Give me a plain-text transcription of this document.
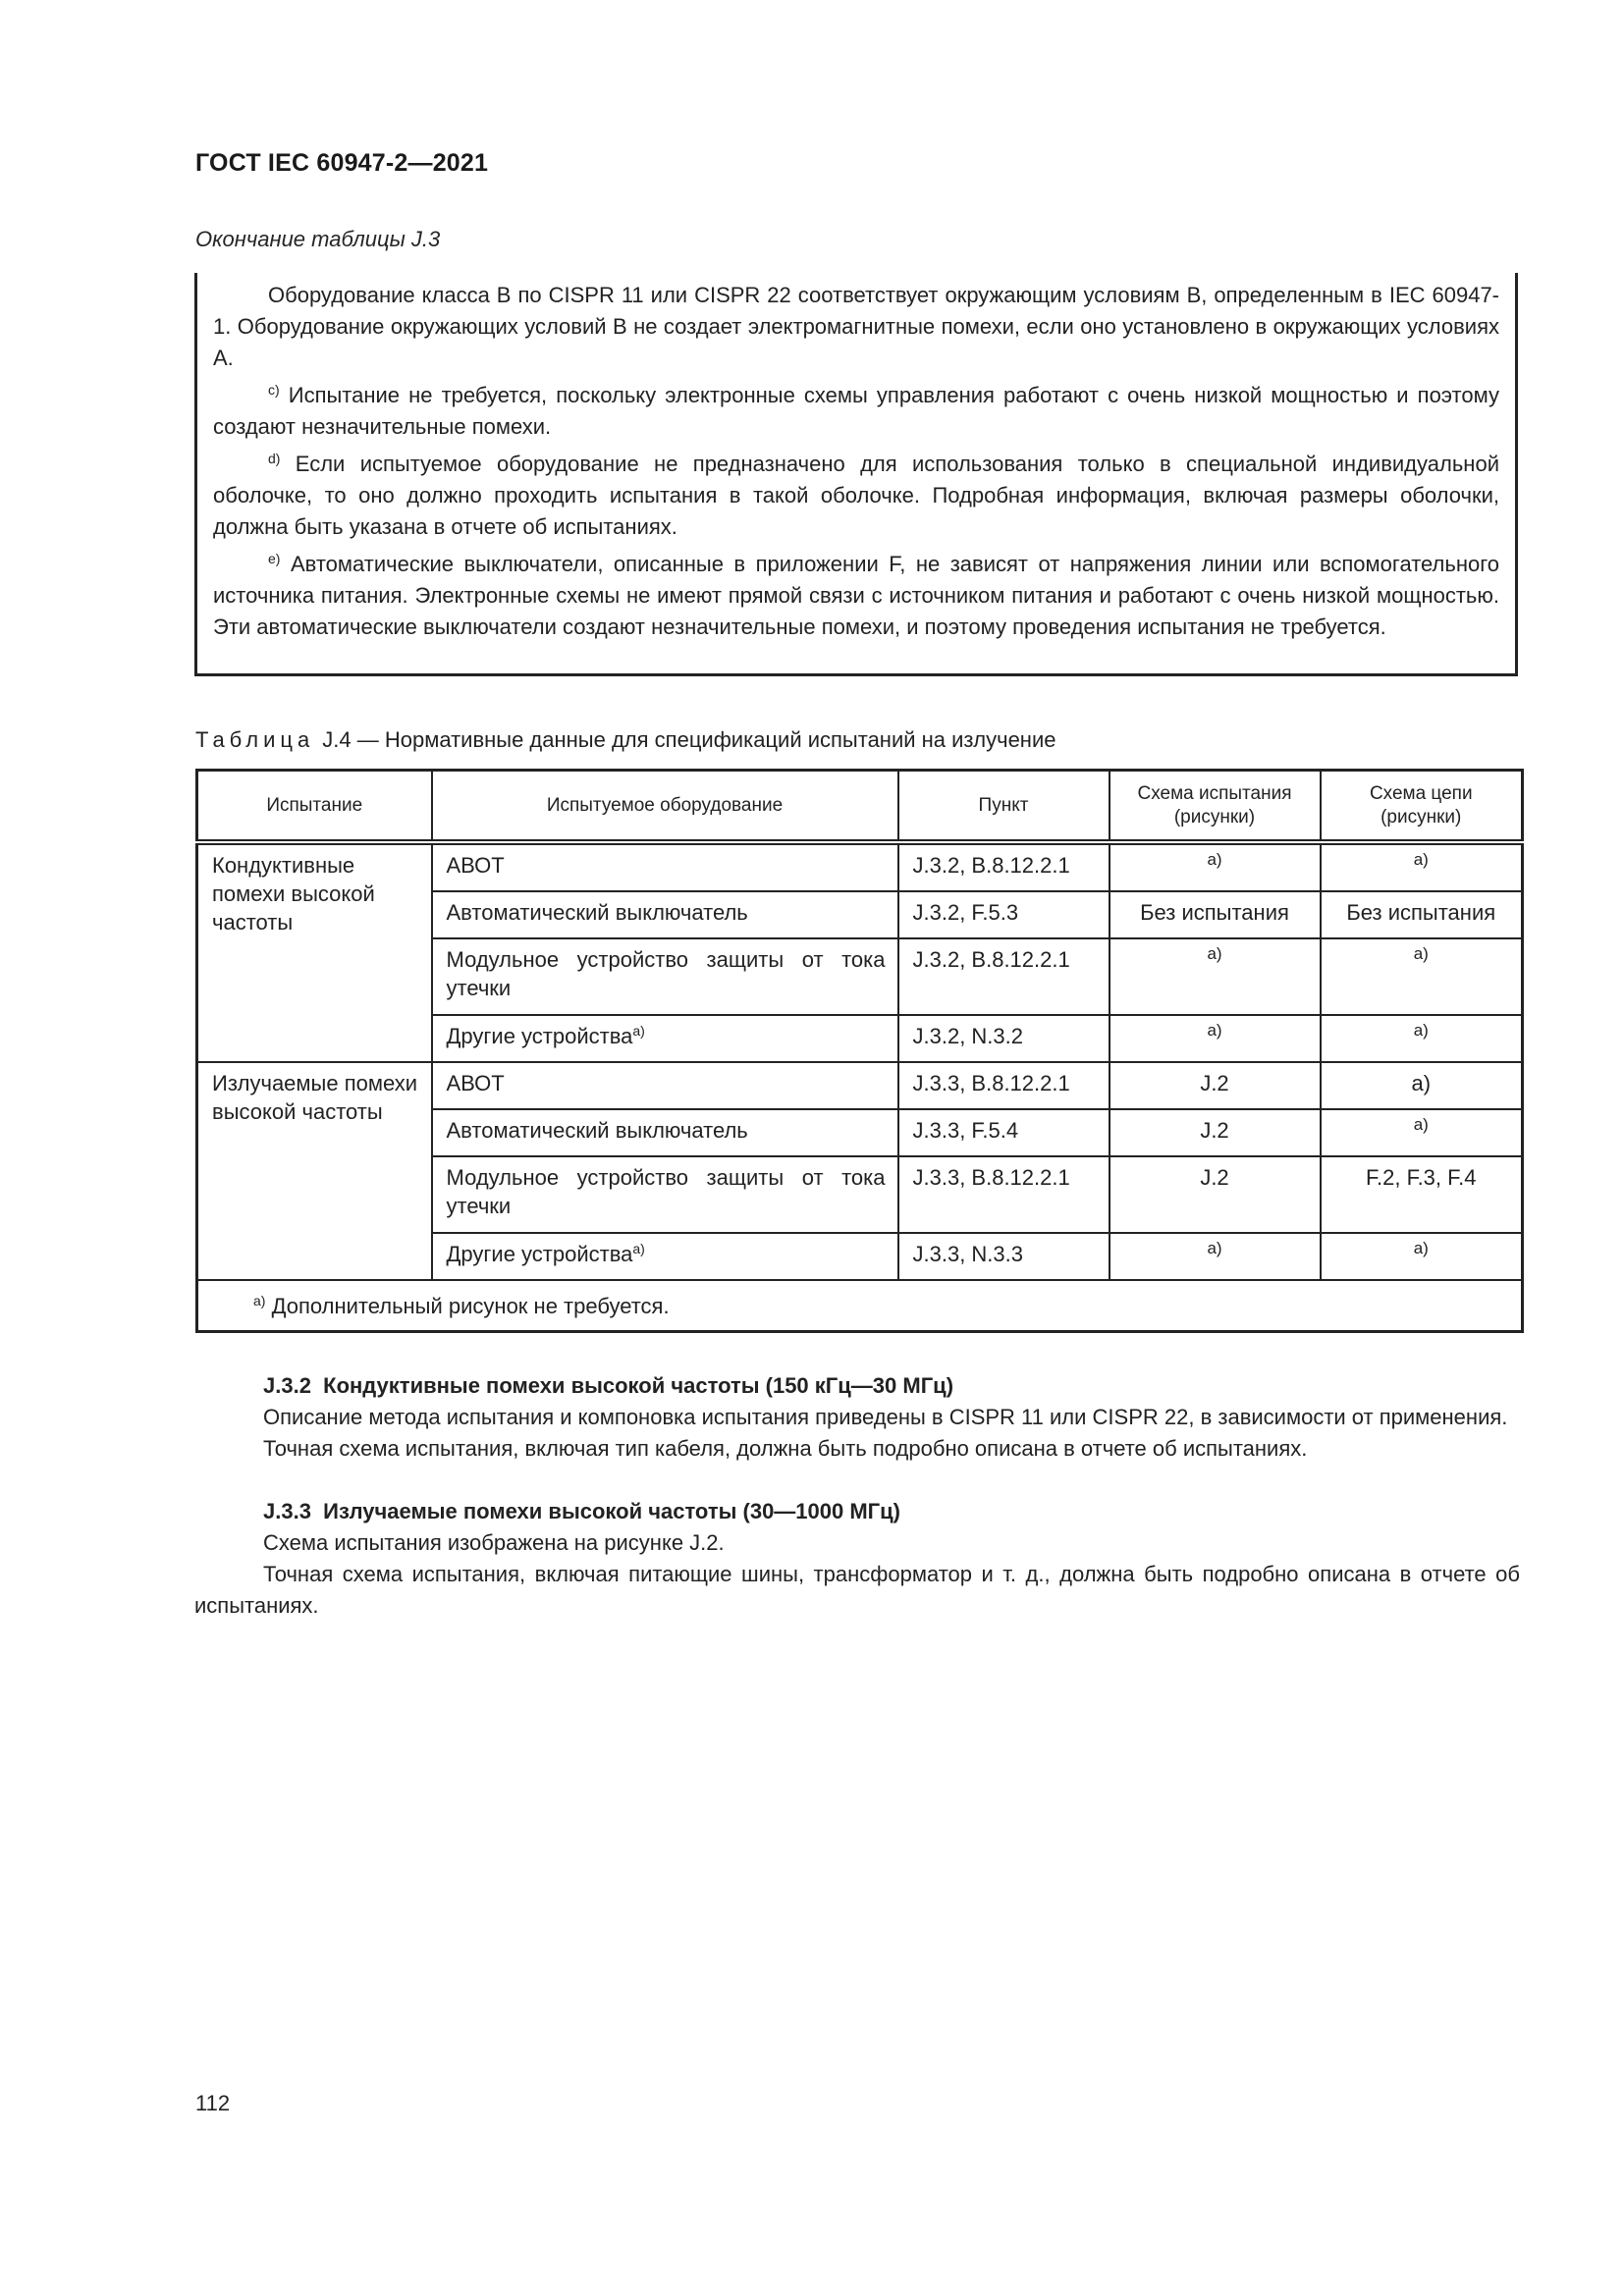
ГОСТ IEC 60947-2—2021
Окончание таблицы J.3

Оборудование класса B по CISPR 11 или CISPR 22 соответствует окружающим условиям B, определенным в IEC 60947-1. Оборудование окружающих условий B не создает электромагнитные помехи, если оно установлено в окружающих условиях A.

$^{c)}$ Испытание не требуется, поскольку электронные схемы управления работают с очень низкой мощностью и поэтому создают незначительные помехи.

$^{d)}$ Если испытуемое оборудование не предназначено для использования только в специальной индивидуальной оболочке, то оно должно проходить испытания в такой оболочке. Подробная информация, включая размеры оболочки, должна быть указана в отчете об испытаниях.

$^{e)}$ Автоматические выключатели, описанные в приложении F, не зависят от напряжения линии или вспомогательного источника питания. Электронные схемы не имеют прямой связи с источником питания и работают с очень низкой мощностью. Эти автоматические выключатели создают незначительные помехи, и поэтому проведения испытания не требуется.

Таблица J.4 — Нормативные данные для спецификаций испытаний на излучение
Испытание	Испытуемое оборудование	Пункт	Схема испытания (рисунки)	Схема цепи (рисунки)
Кондуктивные помехи высокой частоты	АВОТ	J.3.2, B.8.12.2.1	a)	a)
	Автоматический выключатель	J.3.2, F.5.3	Без испытания	Без испытания
	Модульное устройство защиты от тока утечки	J.3.2, B.8.12.2.1	a)	a)
	Другие устройства$^{a)}$	J.3.2, N.3.2	a)	a)
Излучаемые помехи высокой частоты	АВОТ	J.3.3, B.8.12.2.1	J.2	a)
	Автоматический выключатель	J.3.3, F.5.4	J.2	a)
	Модульное устройство защиты от тока утечки	J.3.3, B.8.12.2.1	J.2	F.2, F.3, F.4
	Другие устройства$^{a)}$	J.3.3, N.3.3	a)	a)
$^{a)}$ Дополнительный рисунок не требуется.				

J.3.2  Кондуктивные помехи высокой частоты (150 кГц—30 МГц)

Описание метода испытания и компоновка испытания приведены в CISPR 11 или CISPR 22, в зависимости от применения.

Точная схема испытания, включая тип кабеля, должна быть подробно описана в отчете об испытаниях.

J.3.3  Излучаемые помехи высокой частоты (30—1000 МГц)

Схема испытания изображена на рисунке J.2.

Точная схема испытания, включая питающие шины, трансформатор и т. д., должна быть подробно описана в отчете об испытаниях.

112
